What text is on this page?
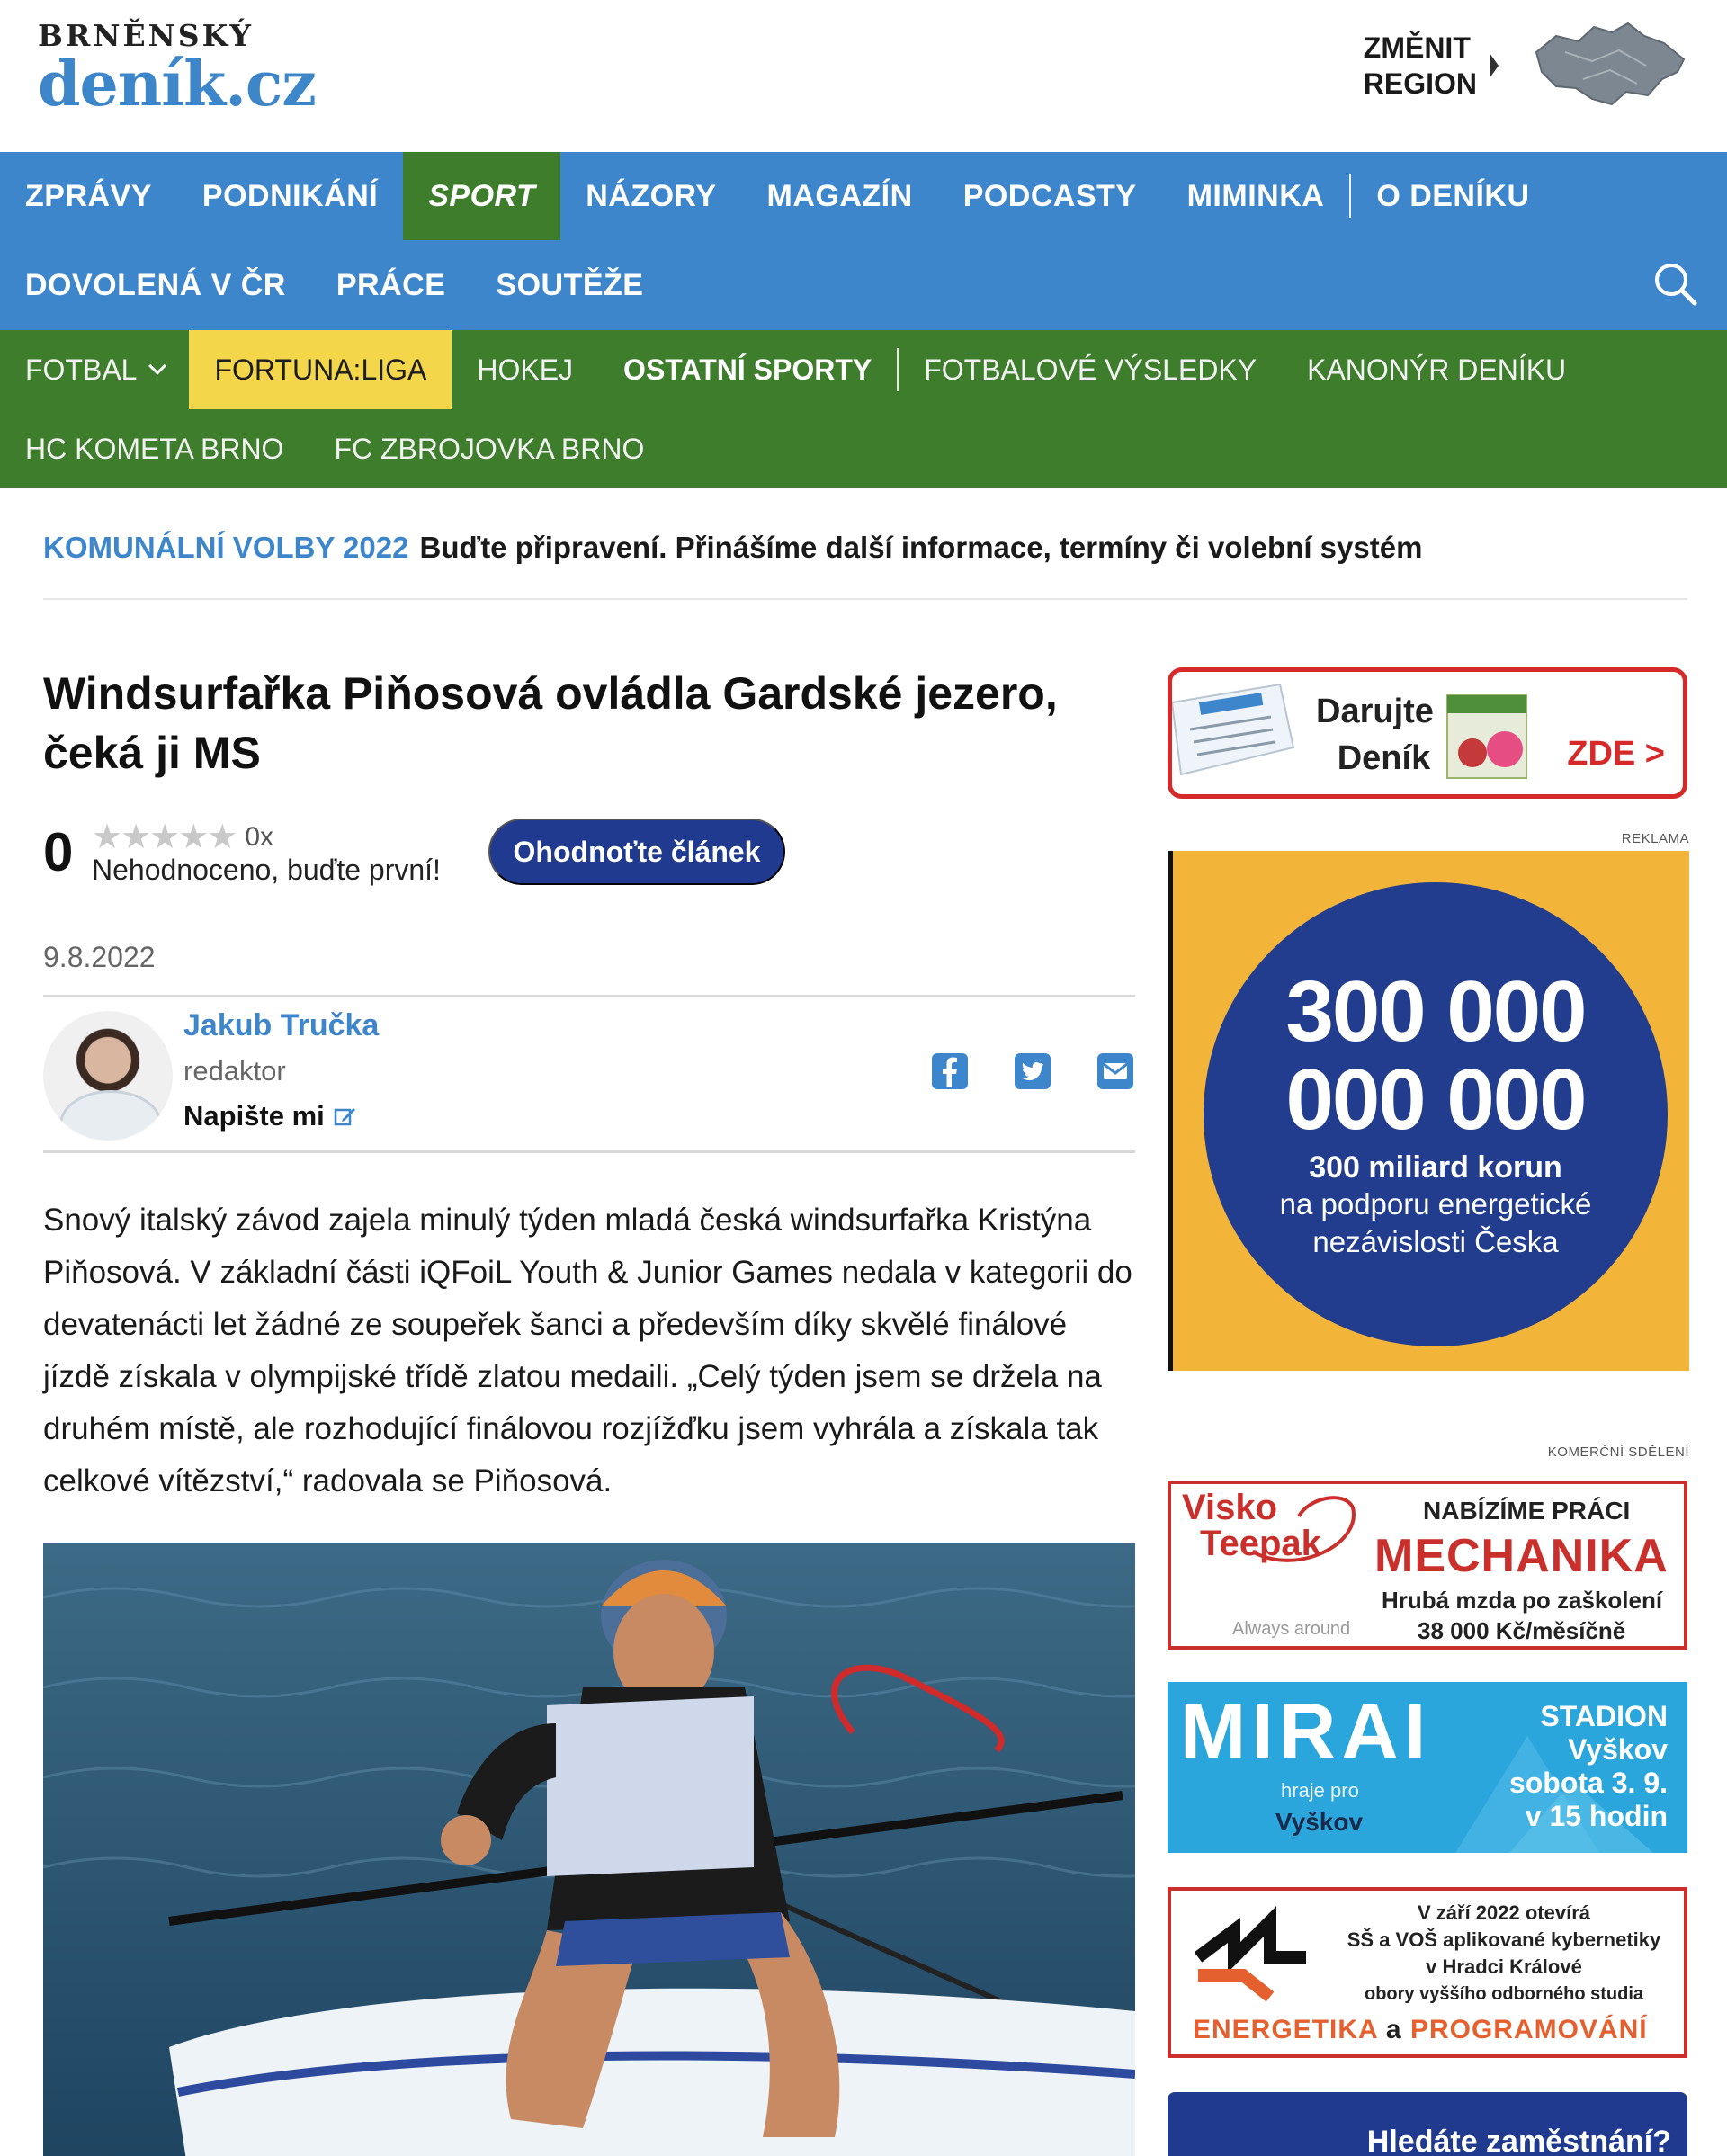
BRNĚNSKÝ
deník.cz
ZMĚNIT
REGION
ZPRÁVY	PODNIKÁNÍ	SPORT	NÁZORY	MAGAZÍN	PODCASTY	MIMINKA	O DENÍKU
DOVOLENÁ V ČR	PRÁCE	SOUTĚŽE
FOTBAL	FORTUNA:LIGA	HOKEJ	OSTATNÍ SPORTY	FOTBALOVÉ VÝSLEDKY	KANONÝR DENÍKU
HC KOMETA BRNO	FC ZBROJOVKA BRNO
KOMUNÁLNÍ VOLBY 2022 Buďte připravení. Přinášíme další informace, termíny či volební systém
Windsurfařka Piňosová ovládla Gardské jezero, čeká ji MS
0 ★★★★★ 0x
Nehodnoceno, buďte první!
Ohodnoťte článek
9.8.2022
Jakub Tručka
redaktor
Napište mi

Snový italský závod zajela minulý týden mladá česká windsurfařka Kristýna Piňosová. V základní části iQFoiL Youth & Junior Games nedala v kategorii do devatenácti let žádné ze soupeřek šanci a především díky skvělé finálové jízdě získala v olympijské třídě zlatou medaili. „Celý týden jsem se držela na druhém místě, ale rozhodující finálovou rozjížďku jsem vyhrála a získala tak celkové vítězství,“ radovala se Piňosová.

Darujte
Deník	ZDE >
REKLAMA
300 000
000 000
300 miliard korun
na podporu energetické
nezávislosti Česka
KOMERČNÍ SDĚLENÍ
Visko
Teepak
Always around
NABÍZÍME PRÁCI
MECHANIKA
Hrubá mzda po zaškolení
38 000 Kč/měsíčně
MIRAI
hraje pro
Vyškov
STADION
Vyškov
sobota 3. 9.
v 15 hodin
V září 2022 otevírá
SŠ a VOŠ aplikované kybernetiky
v Hradci Králové
obory vyššího odborného studia
ENERGETIKA a PROGRAMOVÁNÍ
Hledáte zaměstnání?
